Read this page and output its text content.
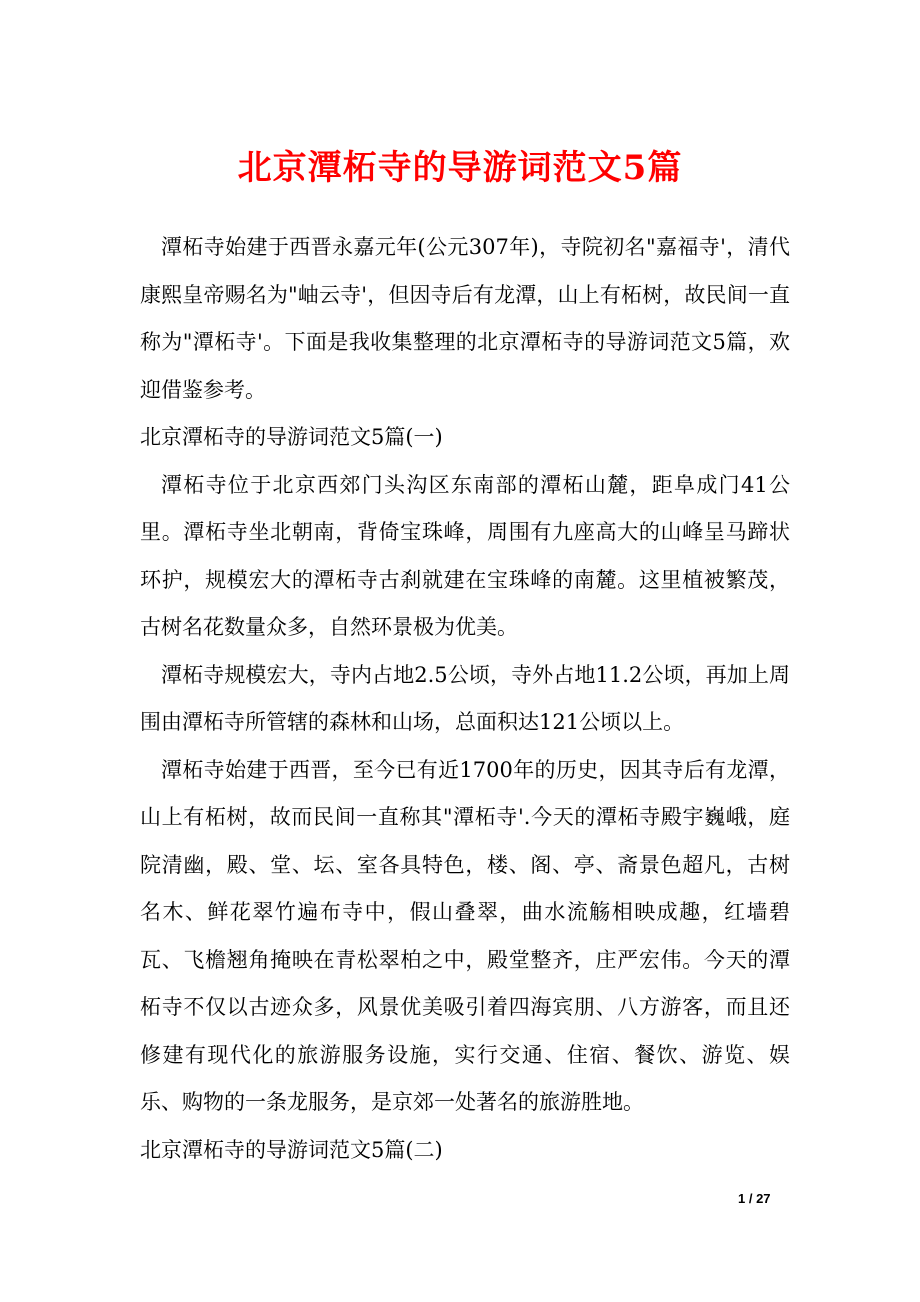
北京潭柘寺的导游词范文5篇

潭柘寺始建于西晋永嘉元年(公元307年)，寺院初名"嘉福寺'，清代康熙皇帝赐名为"岫云寺'，但因寺后有龙潭，山上有柘树，故民间一直称为"潭柘寺'。下面是我收集整理的北京潭柘寺的导游词范文5篇，欢迎借鉴参考。

北京潭柘寺的导游词范文5篇(一)

潭柘寺位于北京西郊门头沟区东南部的潭柘山麓，距阜成门41公里。潭柘寺坐北朝南，背倚宝珠峰，周围有九座高大的山峰呈马蹄状环护，规模宏大的潭柘寺古刹就建在宝珠峰的南麓。这里植被繁茂，古树名花数量众多，自然环景极为优美。

潭柘寺规模宏大，寺内占地2.5公顷，寺外占地11.2公顷，再加上周围由潭柘寺所管辖的森林和山场，总面积达121公顷以上。

潭柘寺始建于西晋，至今已有近1700年的历史，因其寺后有龙潭，山上有柘树，故而民间一直称其"潭柘寺'.今天的潭柘寺殿宇巍峨，庭院清幽，殿、堂、坛、室各具特色，楼、阁、亭、斋景色超凡，古树名木、鲜花翠竹遍布寺中，假山叠翠，曲水流觞相映成趣，红墙碧瓦、飞檐翘角掩映在青松翠柏之中，殿堂整齐，庄严宏伟。今天的潭柘寺不仅以古迹众多，风景优美吸引着四海宾朋、八方游客，而且还修建有现代化的旅游服务设施，实行交通、住宿、餐饮、游览、娱乐、购物的一条龙服务，是京郊一处著名的旅游胜地。

北京潭柘寺的导游词范文5篇(二)

1 / 27
